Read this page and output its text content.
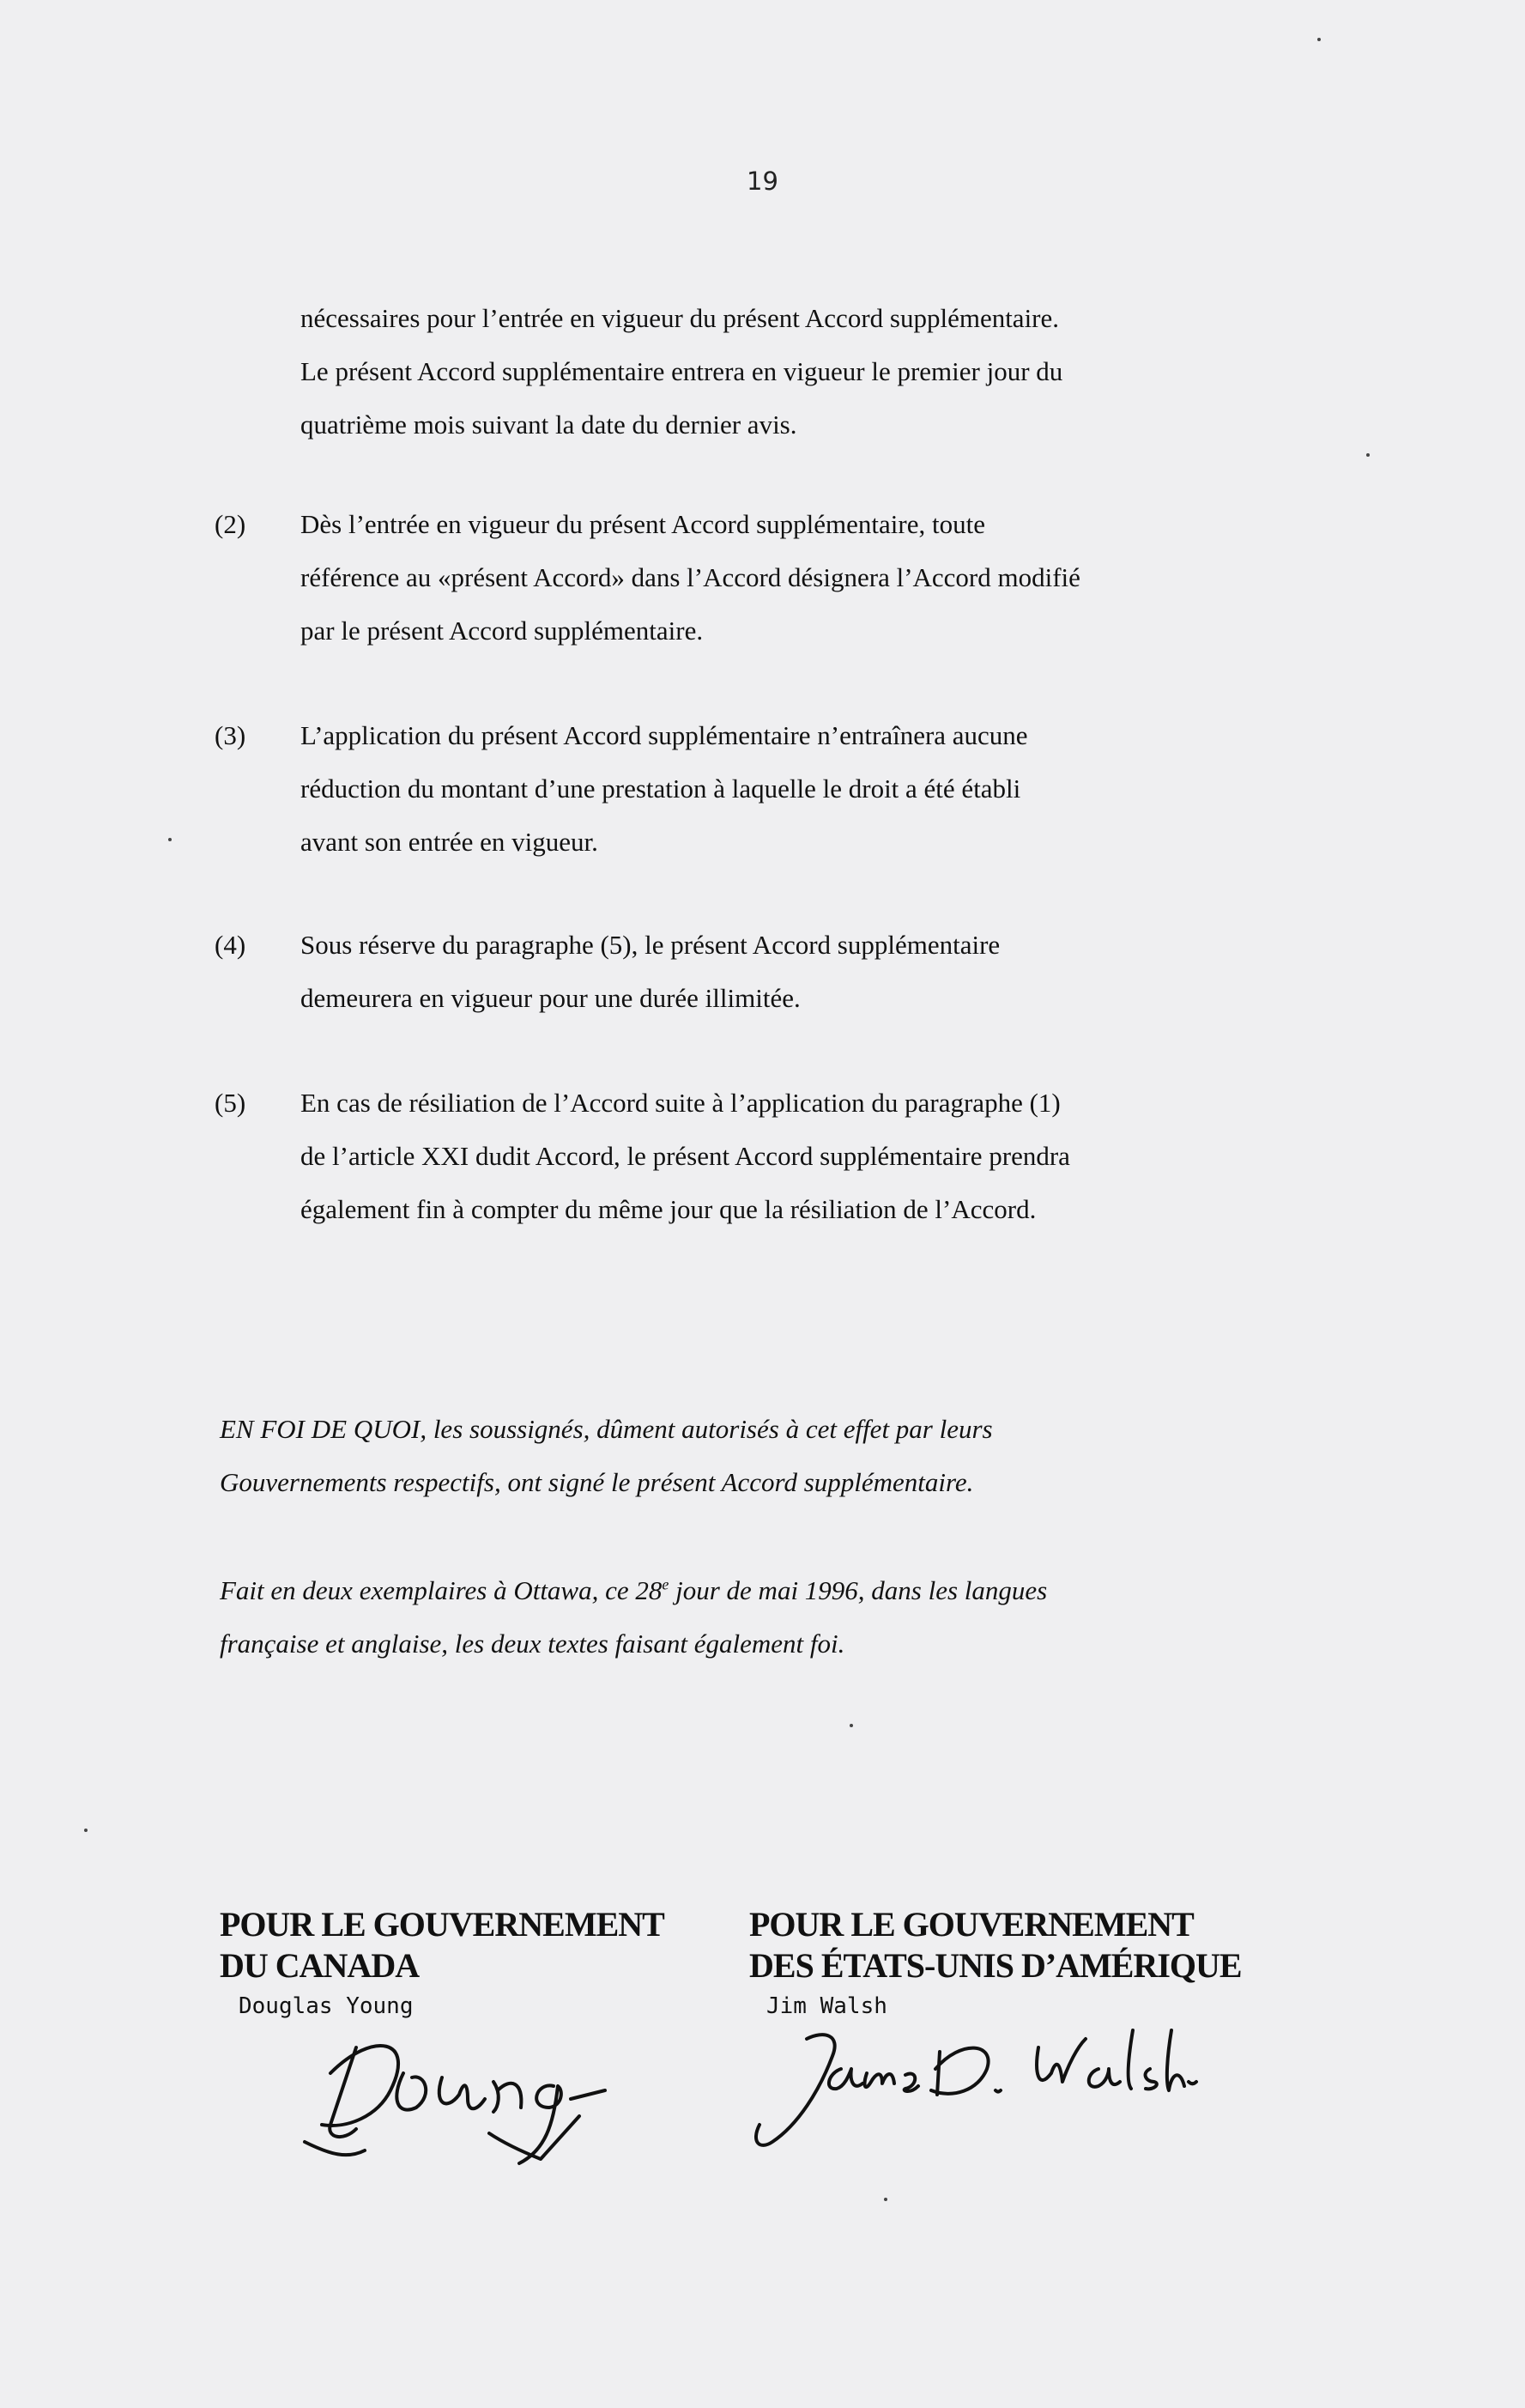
19
nécessaires pour l’entrée en vigueur du présent Accord supplémentaire.
Le présent Accord supplémentaire entrera en vigueur le premier jour du
quatrième mois suivant la date du dernier avis.
(2)	Dès l’entrée en vigueur du présent Accord supplémentaire, toute
référence au «présent Accord» dans l’Accord désignera l’Accord modifié
par le présent Accord supplémentaire.
(3)	L’application du présent Accord supplémentaire n’entraînera aucune
réduction du montant d’une prestation à laquelle le droit a été établi
avant son entrée en vigueur.
(4)	Sous réserve du paragraphe (5), le présent Accord supplémentaire
demeurera en vigueur pour une durée illimitée.
(5)	En cas de résiliation de l’Accord suite à l’application du paragraphe (1)
de l’article XXI dudit Accord, le présent Accord supplémentaire prendra
également fin à compter du même jour que la résiliation de l’Accord.
EN FOI DE QUOI, les soussignés, dûment autorisés à cet effet par leurs
Gouvernements respectifs, ont signé le présent Accord supplémentaire.
Fait en deux exemplaires à Ottawa, ce 28e jour de mai 1996, dans les langues
française et anglaise, les deux textes faisant également foi.
POUR LE GOUVERNEMENT
DU CANADA
POUR LE GOUVERNEMENT
DES ÉTATS-UNIS D’AMÉRIQUE
Douglas Young	Jim Walsh
